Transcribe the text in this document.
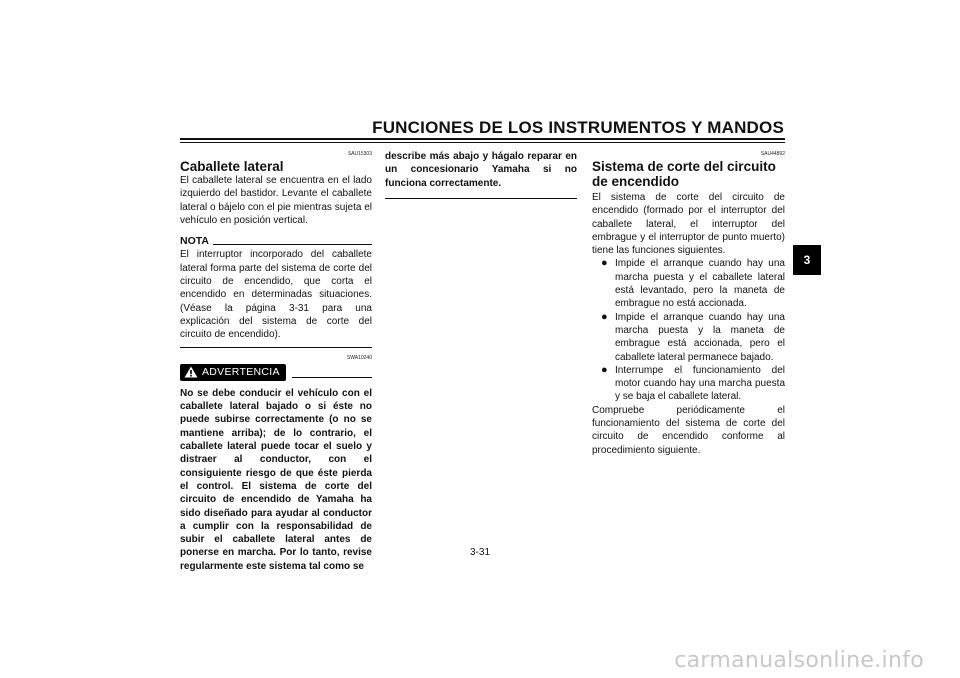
FUNCIONES DE LOS INSTRUMENTOS Y MANDOS
3
SAU15303
Caballete lateral

El caballete lateral se encuentra en el lado izquierdo del bastidor. Levante el caballete lateral o bájelo con el pie mientras sujeta el vehículo en posición vertical.

NOTA

El interruptor incorporado del caballete lateral forma parte del sistema de corte del circuito de encendido, que corta el encendido en determinadas situaciones. (Véase la página 3-31 para una explicación del sistema de corte del circuito de encendido).

SWA10240
ADVERTENCIA

No se debe conducir el vehículo con el caballete lateral bajado o si éste no puede subirse correctamente (o no se mantiene arriba); de lo contrario, el caballete lateral puede tocar el suelo y distraer al conductor, con el consiguiente riesgo de que éste pierda el control. El sistema de corte del circuito de encendido de Yamaha ha sido diseñado para ayudar al conductor a cumplir con la responsabilidad de subir el caballete lateral antes de ponerse en marcha. Por lo tanto, revise regularmente este sistema tal como se

describe más abajo y hágalo reparar en un concesionario Yamaha si no funciona correctamente.

SAU44892
Sistema de corte del circuito de encendido

El sistema de corte del circuito de encendido (formado por el interruptor del caballete lateral, el interruptor del embrague y el interruptor de punto muerto) tiene las funciones siguientes.

● Impide el arranque cuando hay una marcha puesta y el caballete lateral está levantado, pero la maneta de embrague no está accionada.
● Impide el arranque cuando hay una marcha puesta y la maneta de embrague está accionada, pero el caballete lateral permanece bajado.
● Interrumpe el funcionamiento del motor cuando hay una marcha puesta y se baja el caballete lateral.

Compruebe periódicamente el funcionamiento del sistema de corte del circuito de encendido conforme al procedimiento siguiente.

3-31
carmanualsonline.info
